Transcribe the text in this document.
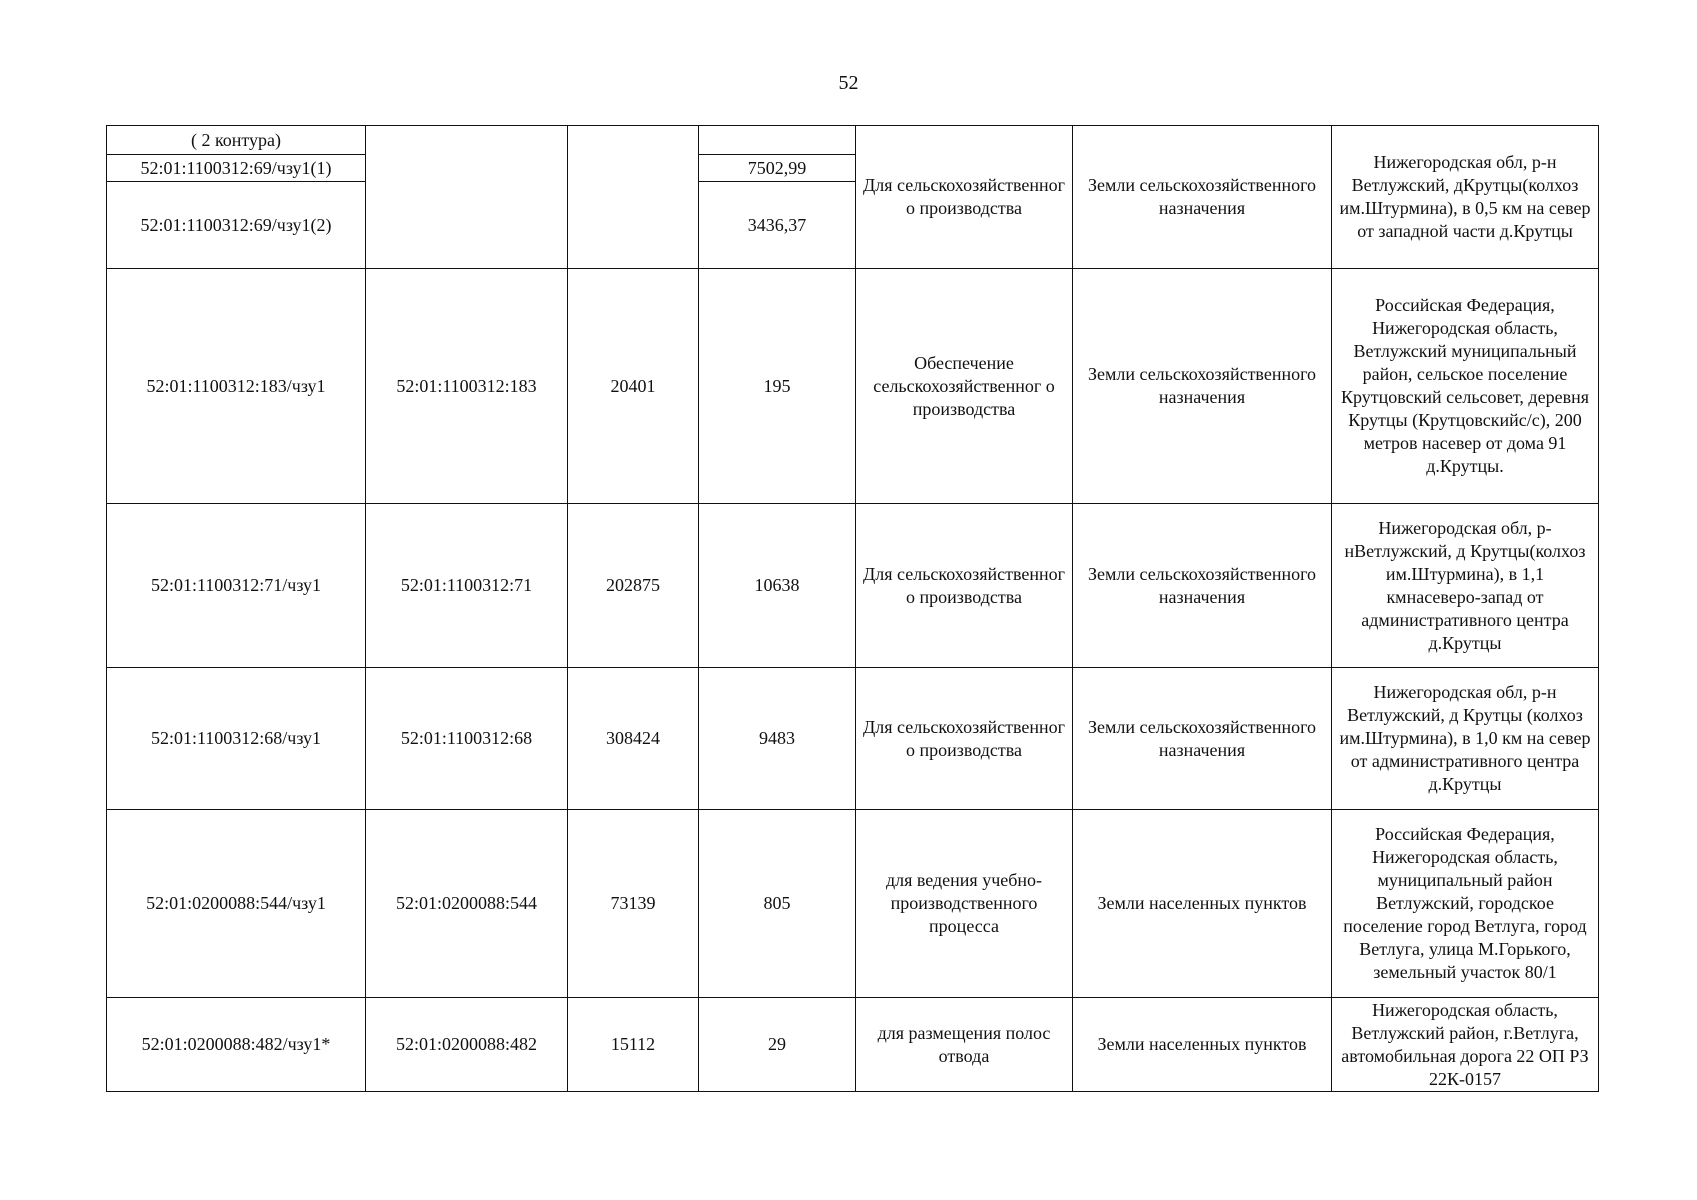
52
( 2 контура)				Для сельскохозяйственног о производства	Земли сельскохозяйственного назначения	Нижегородская обл, р-н Ветлужский, дКрутцы(колхоз им.Штурмина), в 0,5 км на север от западной части д.Крутцы
52:01:1100312:69/чзу1(1)			7502,99			
52:01:1100312:69/чзу1(2)			3436,37			
52:01:1100312:183/чзу1	52:01:1100312:183	20401	195	Обеспечение сельскохозяйственног о производства	Земли сельскохозяйственного назначения	Российская Федерация, Нижегородская область, Ветлужский муниципальный район, сельское поселение Крутцовский сельсовет, деревня Крутцы (Крутцовскийс/с), 200 метров насевер от дома 91 д.Крутцы.
52:01:1100312:71/чзу1	52:01:1100312:71	202875	10638	Для сельскохозяйственног о производства	Земли сельскохозяйственного назначения	Нижегородская обл, р-нВетлужский, д Крутцы(колхоз им.Штурмина), в 1,1 кмнасеверо-запад от административного центра д.Крутцы
52:01:1100312:68/чзу1	52:01:1100312:68	308424	9483	Для сельскохозяйственног о производства	Земли сельскохозяйственного назначения	Нижегородская обл, р-н Ветлужский, д Крутцы (колхоз им.Штурмина), в 1,0 км на север от административного центра д.Крутцы
52:01:0200088:544/чзу1	52:01:0200088:544	73139	805	для ведения учебно-производственного процесса	Земли населенных пунктов	Российская Федерация, Нижегородская область, муниципальный район Ветлужский, городское поселение город Ветлуга, город Ветлуга, улица М.Горького, земельный участок 80/1
52:01:0200088:482/чзу1*	52:01:0200088:482	15112	29	для размещения полос отвода	Земли населенных пунктов	Нижегородская область, Ветлужский район, г.Ветлуга, автомобильная дорога 22 ОП РЗ 22К-0157
